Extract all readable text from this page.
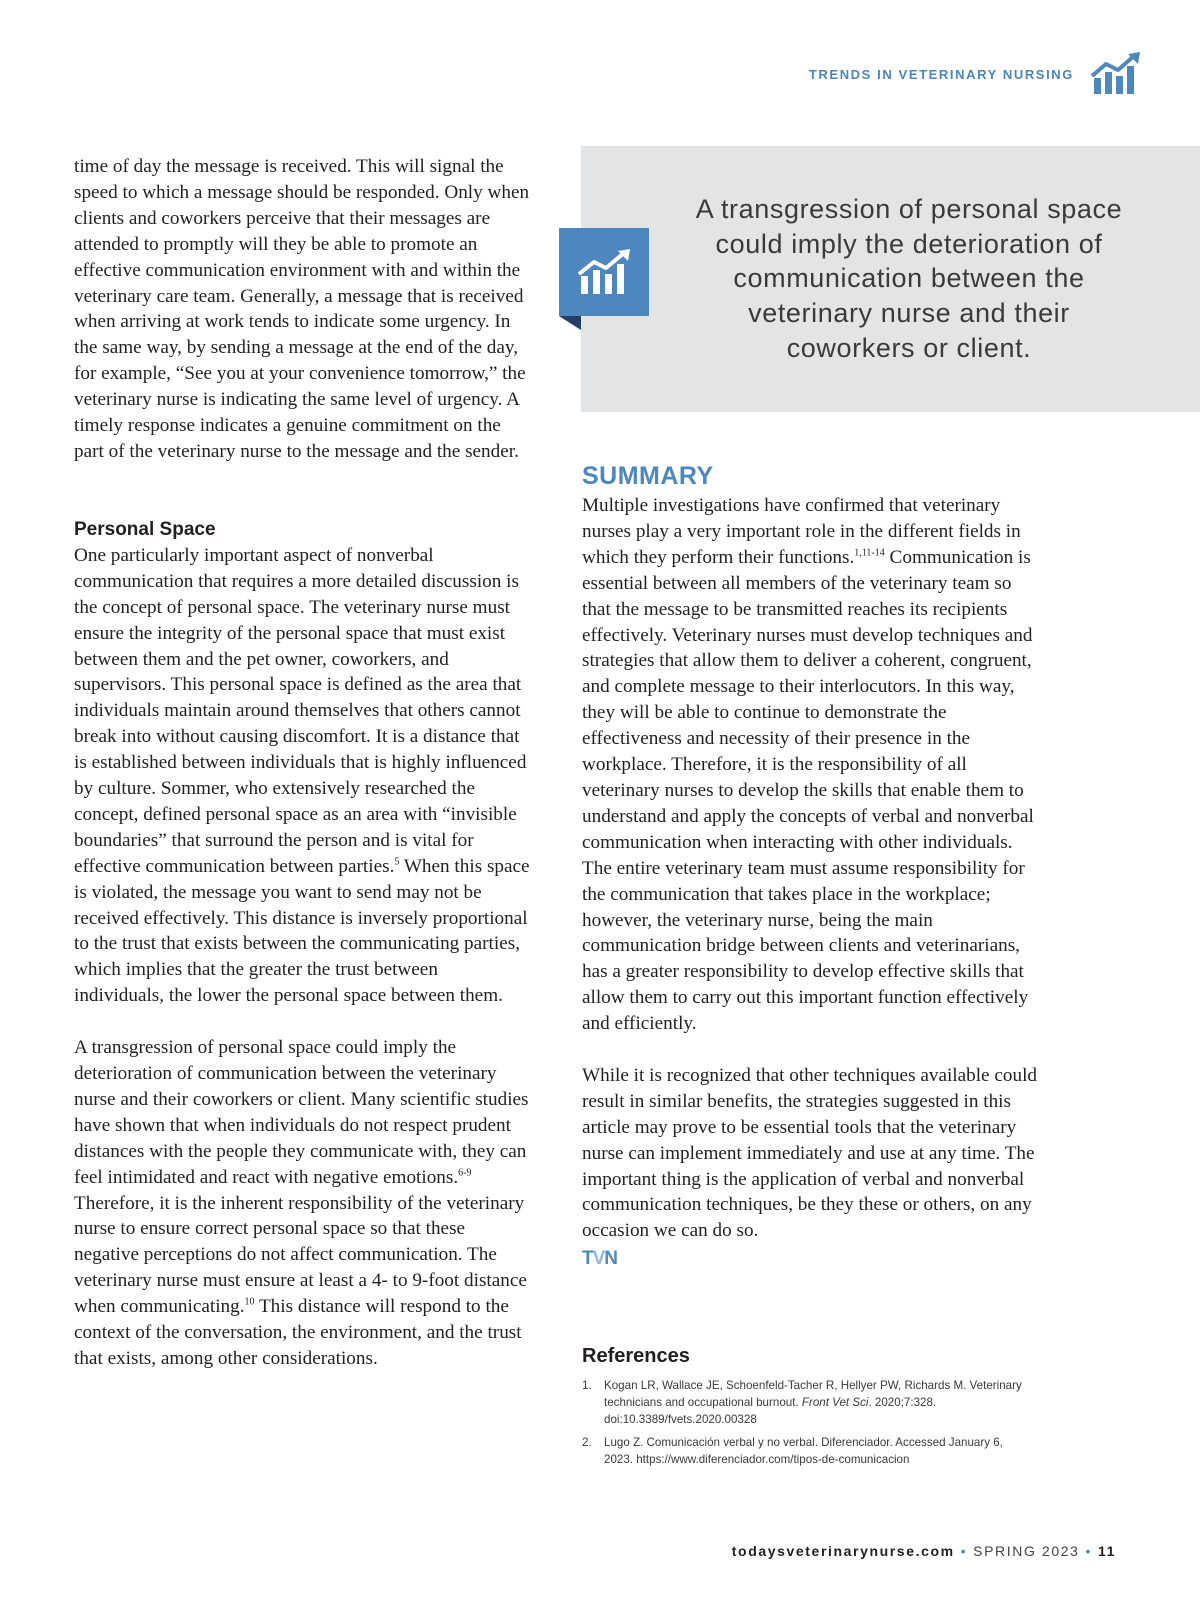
TRENDS IN VETERINARY NURSING

time of day the message is received. This will signal the speed to which a message should be responded. Only when clients and coworkers perceive that their messages are attended to promptly will they be able to promote an effective communication environment with and within the veterinary care team. Generally, a message that is received when arriving at work tends to indicate some urgency. In the same way, by sending a message at the end of the day, for example, “See you at your convenience tomorrow,” the veterinary nurse is indicating the same level of urgency. A timely response indicates a genuine commitment on the part of the veterinary nurse to the message and the sender.

Personal Space

One particularly important aspect of nonverbal communication that requires a more detailed discussion is the concept of personal space. The veterinary nurse must ensure the integrity of the personal space that must exist between them and the pet owner, coworkers, and supervisors. This personal space is defined as the area that individuals maintain around themselves that others cannot break into without causing discomfort. It is a distance that is established between individuals that is highly influenced by culture. Sommer, who extensively researched the concept, defined personal space as an area with “invisible boundaries” that surround the person and is vital for effective communication between parties.$^5$ When this space is violated, the message you want to send may not be received effectively. This distance is inversely proportional to the trust that exists between the communicating parties, which implies that the greater the trust between individuals, the lower the personal space between them.

A transgression of personal space could imply the deterioration of communication between the veterinary nurse and their coworkers or client. Many scientific studies have shown that when individuals do not respect prudent distances with the people they communicate with, they can feel intimidated and react with negative emotions.$^{6-9}$ Therefore, it is the inherent responsibility of the veterinary nurse to ensure correct personal space so that these negative perceptions do not affect communication. The veterinary nurse must ensure at least a 4- to 9-foot distance when communicating.$^{10}$ This distance will respond to the context of the conversation, the environment, and the trust that exists, among other considerations.

A transgression of personal space could imply the deterioration of communication between the veterinary nurse and their coworkers or client.
SUMMARY

Multiple investigations have confirmed that veterinary nurses play a very important role in the different fields in which they perform their functions.$^{1,11-14}$ Communication is essential between all members of the veterinary team so that the message to be transmitted reaches its recipients effectively. Veterinary nurses must develop techniques and strategies that allow them to deliver a coherent, congruent, and complete message to their interlocutors. In this way, they will be able to continue to demonstrate the effectiveness and necessity of their presence in the workplace. Therefore, it is the responsibility of all veterinary nurses to develop the skills that enable them to understand and apply the concepts of verbal and nonverbal communication when interacting with other individuals. The entire veterinary team must assume responsibility for the communication that takes place in the workplace; however, the veterinary nurse, being the main communication bridge between clients and veterinarians, has a greater responsibility to develop effective skills that allow them to carry out this important function effectively and efficiently.

While it is recognized that other techniques available could result in similar benefits, the strategies suggested in this article may prove to be essential tools that the veterinary nurse can implement immediately and use at any time. The important thing is the application of verbal and nonverbal communication techniques, be they these or others, on any occasion we can do so.

TVN
References
1. Kogan LR, Wallace JE, Schoenfeld-Tacher R, Hellyer PW, Richards M. Veterinary technicians and occupational burnout. Front Vet Sci. 2020;7:328. doi:10.3389/fvets.2020.00328
2. Lugo Z. Comunicación verbal y no verbal. Diferenciador. Accessed January 6, 2023. https://www.diferenciador.com/tipos-de-comunicacion
todaysveterinarynurse.com • SPRING 2023 • 11
